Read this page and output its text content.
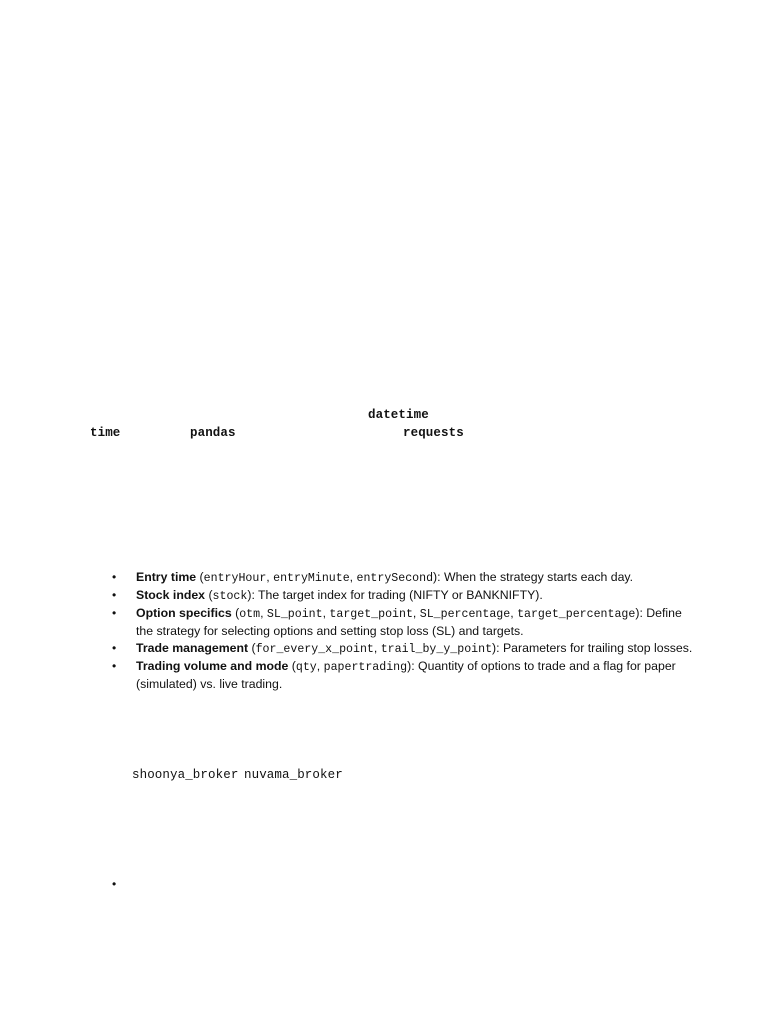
datetime
time	pandas	requests
•	Entry time (entryHour, entryMinute, entrySecond): When the strategy starts each day.
•	Stock index (stock): The target index for trading (NIFTY or BANKNIFTY).
•	Option specifics (otm, SL_point, target_point, SL_percentage, target_percentage): Define the strategy for selecting options and setting stop loss (SL) and targets.
•	Trade management (for_every_x_point, trail_by_y_point): Parameters for trailing stop losses.
•	Trading volume and mode (qty, papertrading): Quantity of options to trade and a flag for paper (simulated) vs. live trading.
shoonya_broker nuvama_broker
•
